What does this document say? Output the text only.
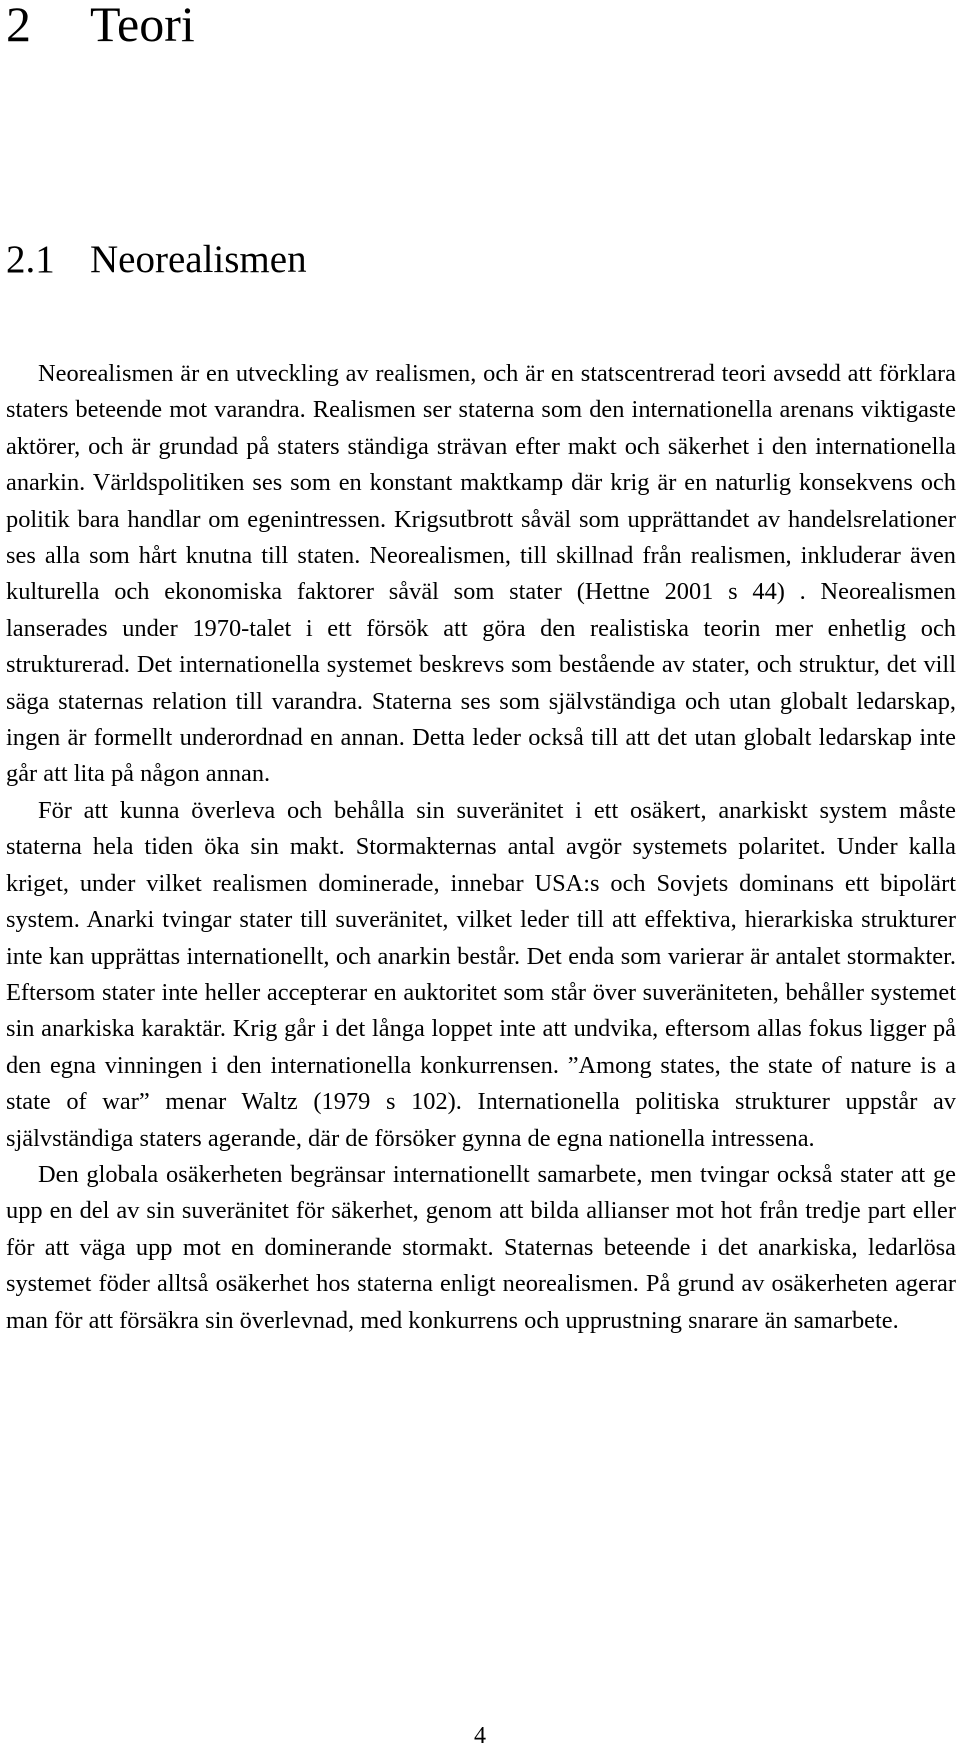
2 Teori
2.1 Neorealismen

Neorealismen är en utveckling av realismen, och är en statscentrerad teori avsedd att förklara staters beteende mot varandra. Realismen ser staterna som den internationella arenans viktigaste aktörer, och är grundad på staters ständiga strävan efter makt och säkerhet i den internationella anarkin. Världspolitiken ses som en konstant maktkamp där krig är en naturlig konsekvens och politik bara handlar om egenintressen. Krigsutbrott såväl som upprättandet av handelsrelationer ses alla som hårt knutna till staten. Neorealismen, till skillnad från realismen, inkluderar även kulturella och ekonomiska faktorer såväl som stater (Hettne 2001 s 44) . Neorealismen lanserades under 1970-talet i ett försök att göra den realistiska teorin mer enhetlig och strukturerad. Det internationella systemet beskrevs som bestående av stater, och struktur, det vill säga staternas relation till varandra. Staterna ses som självständiga och utan globalt ledarskap, ingen är formellt underordnad en annan. Detta leder också till att det utan globalt ledarskap inte går att lita på någon annan.

För att kunna överleva och behålla sin suveränitet i ett osäkert, anarkiskt system måste staterna hela tiden öka sin makt. Stormakternas antal avgör systemets polaritet. Under kalla kriget, under vilket realismen dominerade, innebar USA:s och Sovjets dominans ett bipolärt system. Anarki tvingar stater till suveränitet, vilket leder till att effektiva, hierarkiska strukturer inte kan upprättas internationellt, och anarkin består. Det enda som varierar är antalet stormakter. Eftersom stater inte heller accepterar en auktoritet som står över suveräniteten, behåller systemet sin anarkiska karaktär. Krig går i det långa loppet inte att undvika, eftersom allas fokus ligger på den egna vinningen i den internationella konkurrensen. ”Among states, the state of nature is a state of war” menar Waltz (1979 s 102). Internationella politiska strukturer uppstår av självständiga staters agerande, där de försöker gynna de egna nationella intressena.

Den globala osäkerheten begränsar internationellt samarbete, men tvingar också stater att ge upp en del av sin suveränitet för säkerhet, genom att bilda allianser mot hot från tredje part eller för att väga upp mot en dominerande stormakt. Staternas beteende i det anarkiska, ledarlösa systemet föder alltså osäkerhet hos staterna enligt neorealismen. På grund av osäkerheten agerar man för att försäkra sin överlevnad, med konkurrens och upprustning snarare än samarbete.

4
